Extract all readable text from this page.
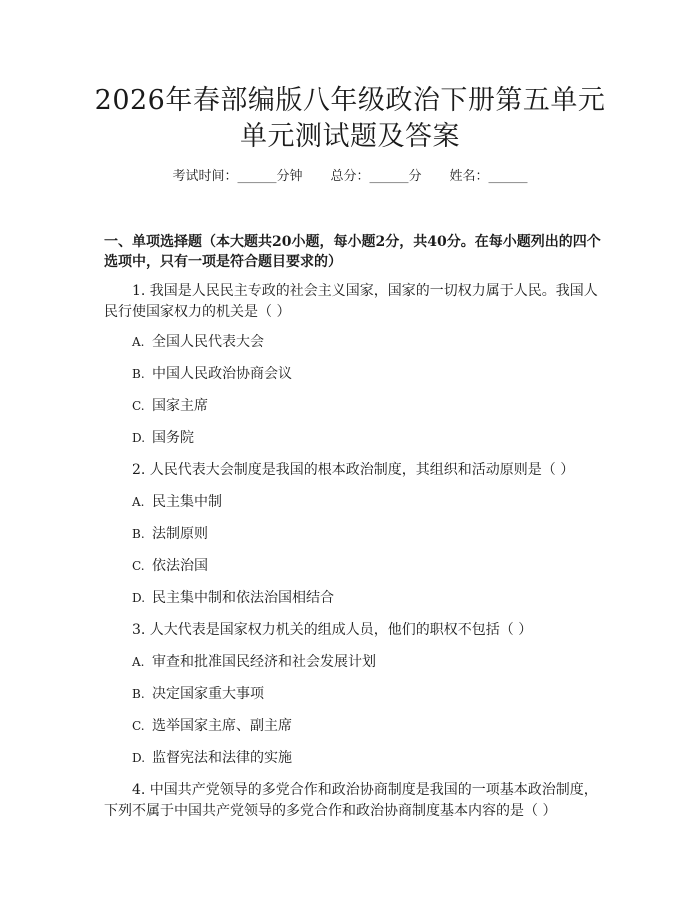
2026年春部编版八年级政治下册第五单元单元测试题及答案
考试时间：______分钟 总分：______分 姓名：______
一、单项选择题（本大题共20小题，每小题2分，共40分。在每小题列出的四个选项中，只有一项是符合题目要求的）
1. 我国是人民民主专政的社会主义国家，国家的一切权力属于人民。我国人民行使国家权力的机关是（ ）
A. 全国人民代表大会
B. 中国人民政治协商会议
C. 国家主席
D. 国务院
2. 人民代表大会制度是我国的根本政治制度，其组织和活动原则是（ ）
A. 民主集中制
B. 法制原则
C. 依法治国
D. 民主集中制和依法治国相结合
3. 人大代表是国家权力机关的组成人员，他们的职权不包括（ ）
A. 审查和批准国民经济和社会发展计划
B. 决定国家重大事项
C. 选举国家主席、副主席
D. 监督宪法和法律的实施
4. 中国共产党领导的多党合作和政治协商制度是我国的一项基本政治制度，下列不属于中国共产党领导的多党合作和政治协商制度基本内容的是（ ）
